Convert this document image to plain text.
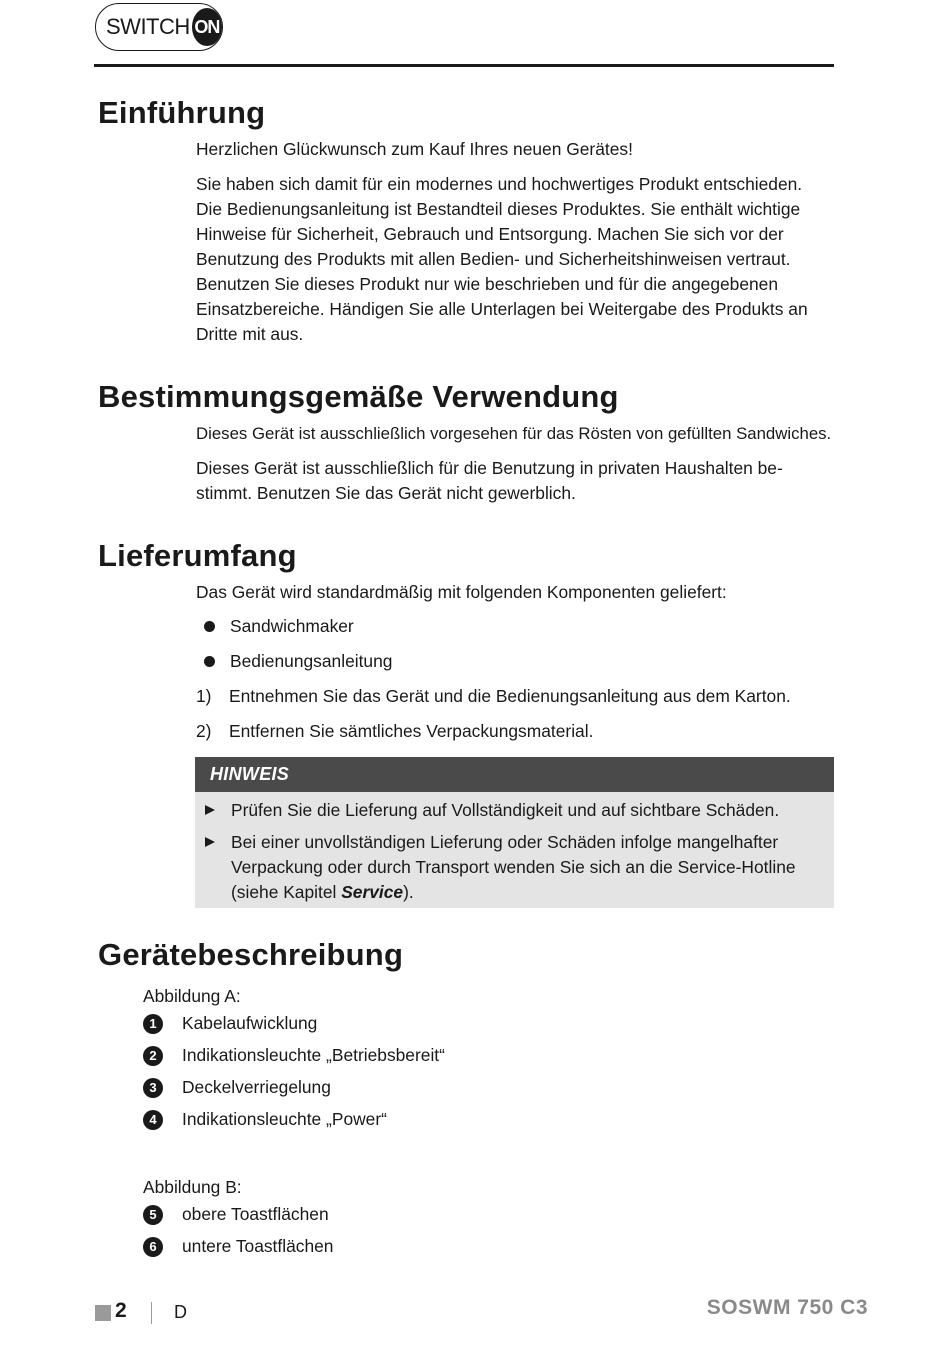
SWITCH ON
Einführung

Herzlichen Glückwunsch zum Kauf Ihres neuen Gerätes!

Sie haben sich damit für ein modernes und hochwertiges Produkt entschieden.
Die Bedienungsanleitung ist Bestandteil dieses Produktes. Sie enthält wichtige
Hinweise für Sicherheit, Gebrauch und Entsorgung. Machen Sie sich vor der
Benutzung des Produkts mit allen Bedien- und Sicherheitshinweisen vertraut.
Benutzen Sie dieses Produkt nur wie beschrieben und für die angegebenen
Einsatzbereiche. Händigen Sie alle Unterlagen bei Weitergabe des Produkts an
Dritte mit aus.

Bestimmungsgemäße Verwendung

Dieses Gerät ist ausschließlich vorgesehen für das Rösten von gefüllten Sandwiches.

Dieses Gerät ist ausschließlich für die Benutzung in privaten Haushalten be-
stimmt. Benutzen Sie das Gerät nicht gewerblich.

Lieferumfang

Das Gerät wird standardmäßig mit folgenden Komponenten geliefert:

Sandwichmaker
Bedienungsanleitung
1)	Entnehmen Sie das Gerät und die Bedienungsanleitung aus dem Karton.
2)	Entfernen Sie sämtliches Verpackungsmaterial.
HINWEIS
Prüfen Sie die Lieferung auf Vollständigkeit und auf sichtbare Schäden.
Bei einer unvollständigen Lieferung oder Schäden infolge mangelhafter
Verpackung oder durch Transport wenden Sie sich an die Service-Hotline
(siehe Kapitel Service).
Gerätebeschreibung
Abbildung A:
1	Kabelaufwicklung
2	Indikationsleuchte „Betriebsbereit“
3	Deckelverriegelung
4	Indikationsleuchte „Power“
Abbildung B:
5	obere Toastflächen
6	untere Toastflächen
2	D	SOSWM 750 C3
